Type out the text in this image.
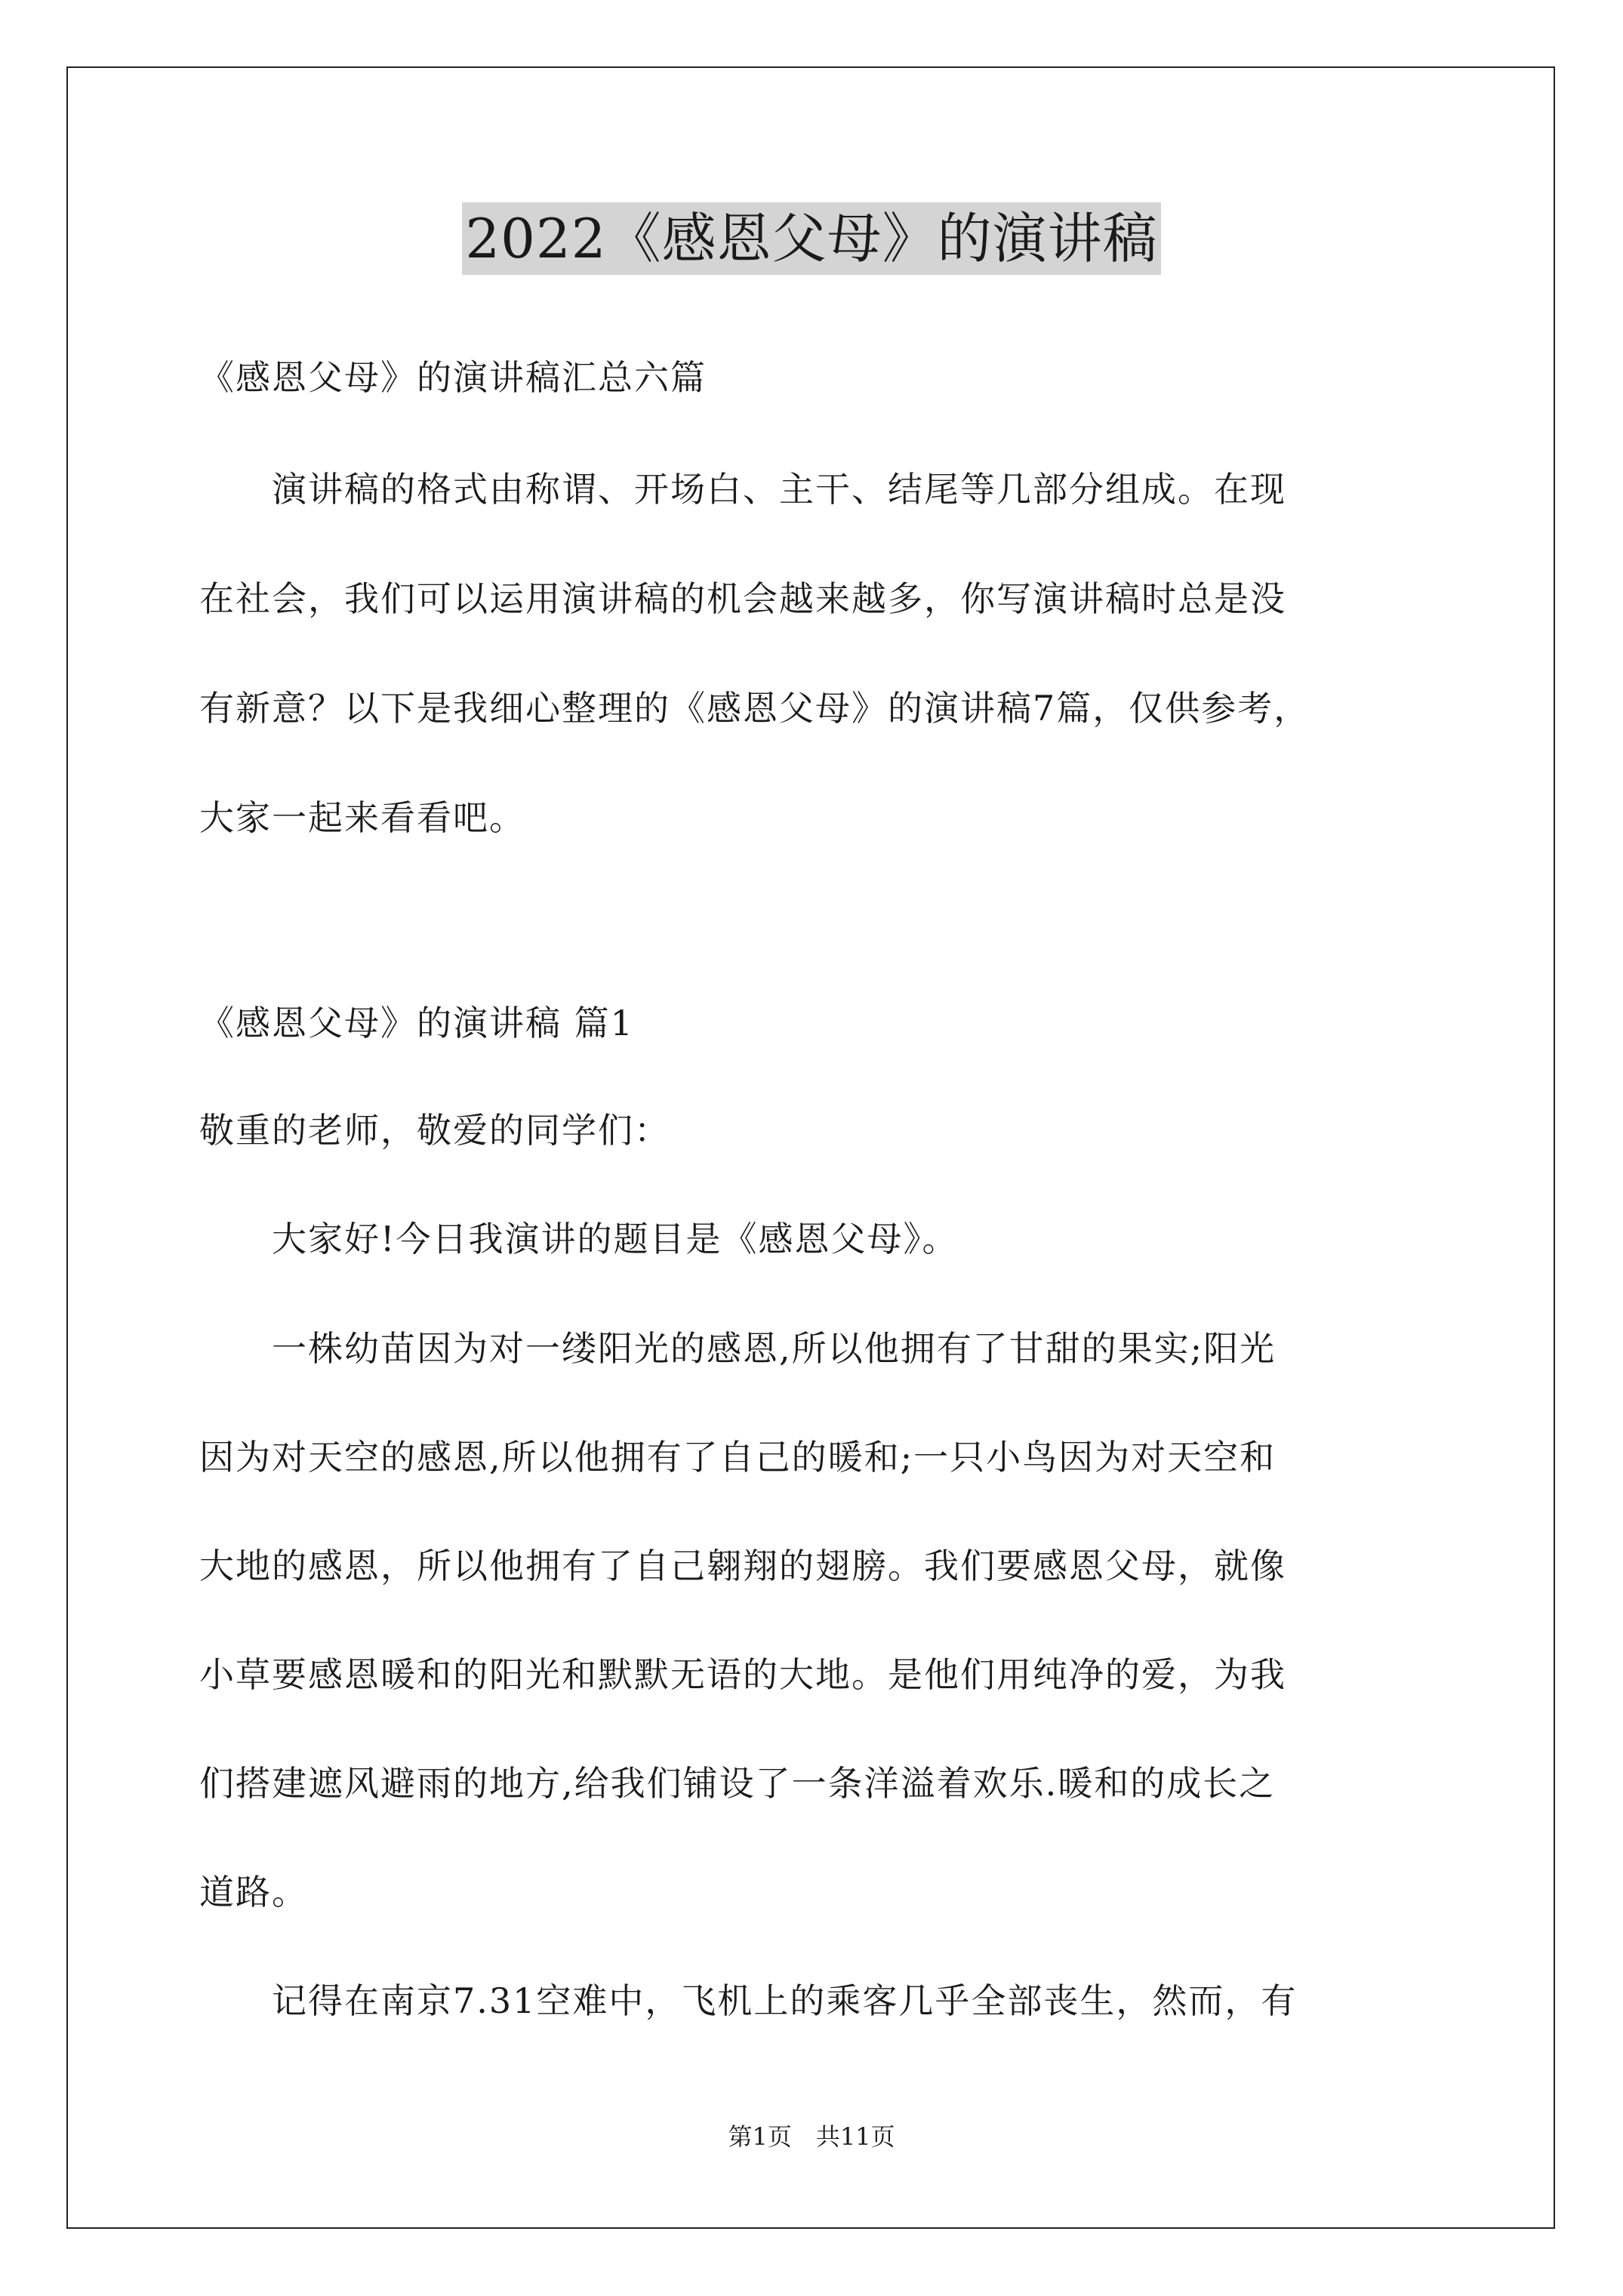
2022《感恩父母》的演讲稿
《感恩父母》的演讲稿汇总六篇
　　演讲稿的格式由称谓、开场白、主干、结尾等几部分组成。在现
在社会，我们可以运用演讲稿的机会越来越多，你写演讲稿时总是没
有新意？以下是我细心整理的《感恩父母》的演讲稿7篇，仅供参考，
大家一起来看看吧。
《感恩父母》的演讲稿 篇1
敬重的老师，敬爱的同学们：
　　大家好!今日我演讲的题目是《感恩父母》。
　　一株幼苗因为对一缕阳光的感恩,所以他拥有了甘甜的果实;阳光
因为对天空的感恩,所以他拥有了自己的暖和;一只小鸟因为对天空和
大地的感恩，所以他拥有了自己翱翔的翅膀。我们要感恩父母，就像
小草要感恩暖和的阳光和默默无语的大地。是他们用纯净的爱，为我
们搭建遮风避雨的地方,给我们铺设了一条洋溢着欢乐.暖和的成长之
道路。
　　记得在南京7.31空难中，飞机上的乘客几乎全部丧生，然而，有
第1页　共11页
